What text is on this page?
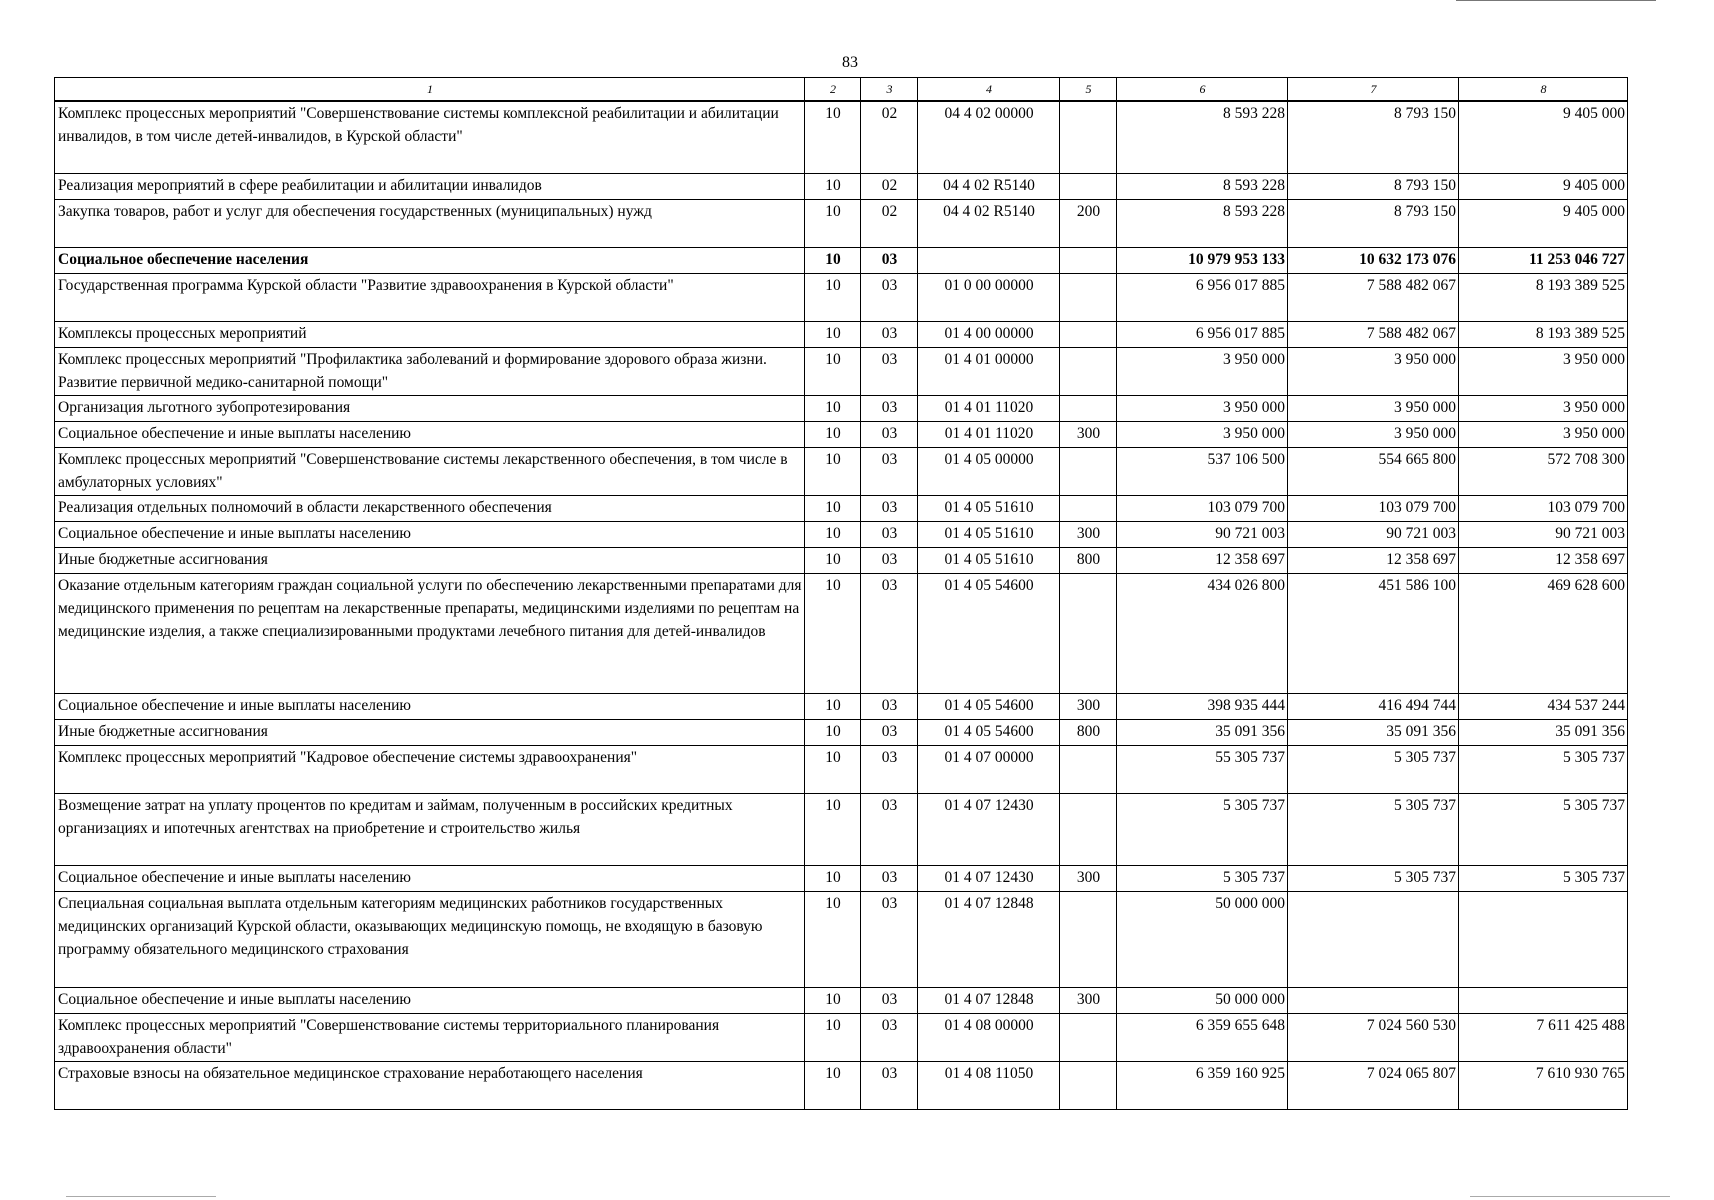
83
1	2	3	4	5	6	7	8
Комплекс процессных мероприятий "Совершенствование системы комплексной реабилитации и абилитации инвалидов, в том числе детей-инвалидов, в Курской области"	10	02	04 4 02 00000		8 593 228	8 793 150	9 405 000
Реализация мероприятий в сфере реабилитации и абилитации инвалидов	10	02	04 4 02 R5140		8 593 228	8 793 150	9 405 000
Закупка товаров, работ и услуг для обеспечения государственных (муниципальных) нужд	10	02	04 4 02 R5140	200	8 593 228	8 793 150	9 405 000
Социальное обеспечение населения	10	03			10 979 953 133	10 632 173 076	11 253 046 727
Государственная программа Курской области "Развитие здравоохранения в Курской области"	10	03	01 0 00 00000		6 956 017 885	7 588 482 067	8 193 389 525
Комплексы процессных мероприятий	10	03	01 4 00 00000		6 956 017 885	7 588 482 067	8 193 389 525
Комплекс процессных мероприятий "Профилактика заболеваний и формирование здорового образа жизни. Развитие первичной медико-санитарной помощи"	10	03	01 4 01 00000		3 950 000	3 950 000	3 950 000
Организация льготного зубопротезирования	10	03	01 4 01 11020		3 950 000	3 950 000	3 950 000
Социальное обеспечение и иные выплаты населению	10	03	01 4 01 11020	300	3 950 000	3 950 000	3 950 000
Комплекс процессных мероприятий "Совершенствование системы лекарственного обеспечения, в том числе в амбулаторных условиях"	10	03	01 4 05 00000		537 106 500	554 665 800	572 708 300
Реализация отдельных полномочий в области лекарственного обеспечения	10	03	01 4 05 51610		103 079 700	103 079 700	103 079 700
Социальное обеспечение и иные выплаты населению	10	03	01 4 05 51610	300	90 721 003	90 721 003	90 721 003
Иные бюджетные ассигнования	10	03	01 4 05 51610	800	12 358 697	12 358 697	12 358 697
Оказание отдельным категориям граждан социальной услуги по обеспечению лекарственными препаратами для медицинского применения по рецептам на лекарственные препараты, медицинскими изделиями по рецептам на медицинские изделия, а также специализированными продуктами лечебного питания для детей-инвалидов	10	03	01 4 05 54600		434 026 800	451 586 100	469 628 600
Социальное обеспечение и иные выплаты населению	10	03	01 4 05 54600	300	398 935 444	416 494 744	434 537 244
Иные бюджетные ассигнования	10	03	01 4 05 54600	800	35 091 356	35 091 356	35 091 356
Комплекс процессных мероприятий "Кадровое обеспечение системы здравоохранения"	10	03	01 4 07 00000		55 305 737	5 305 737	5 305 737
Возмещение затрат на уплату процентов по кредитам и займам, полученным в российских кредитных организациях и ипотечных агентствах на приобретение и строительство жилья	10	03	01 4 07 12430		5 305 737	5 305 737	5 305 737
Социальное обеспечение и иные выплаты населению	10	03	01 4 07 12430	300	5 305 737	5 305 737	5 305 737
Специальная социальная выплата отдельным категориям медицинских работников государственных медицинских организаций Курской области, оказывающих медицинскую помощь, не входящую в базовую программу обязательного медицинского страхования	10	03	01 4 07 12848		50 000 000		
Социальное обеспечение и иные выплаты населению	10	03	01 4 07 12848	300	50 000 000		
Комплекс процессных мероприятий "Совершенствование системы территориального планирования здравоохранения области"	10	03	01 4 08 00000		6 359 655 648	7 024 560 530	7 611 425 488
Страховые взносы на обязательное медицинское страхование неработающего населения	10	03	01 4 08 11050		6 359 160 925	7 024 065 807	7 610 930 765
